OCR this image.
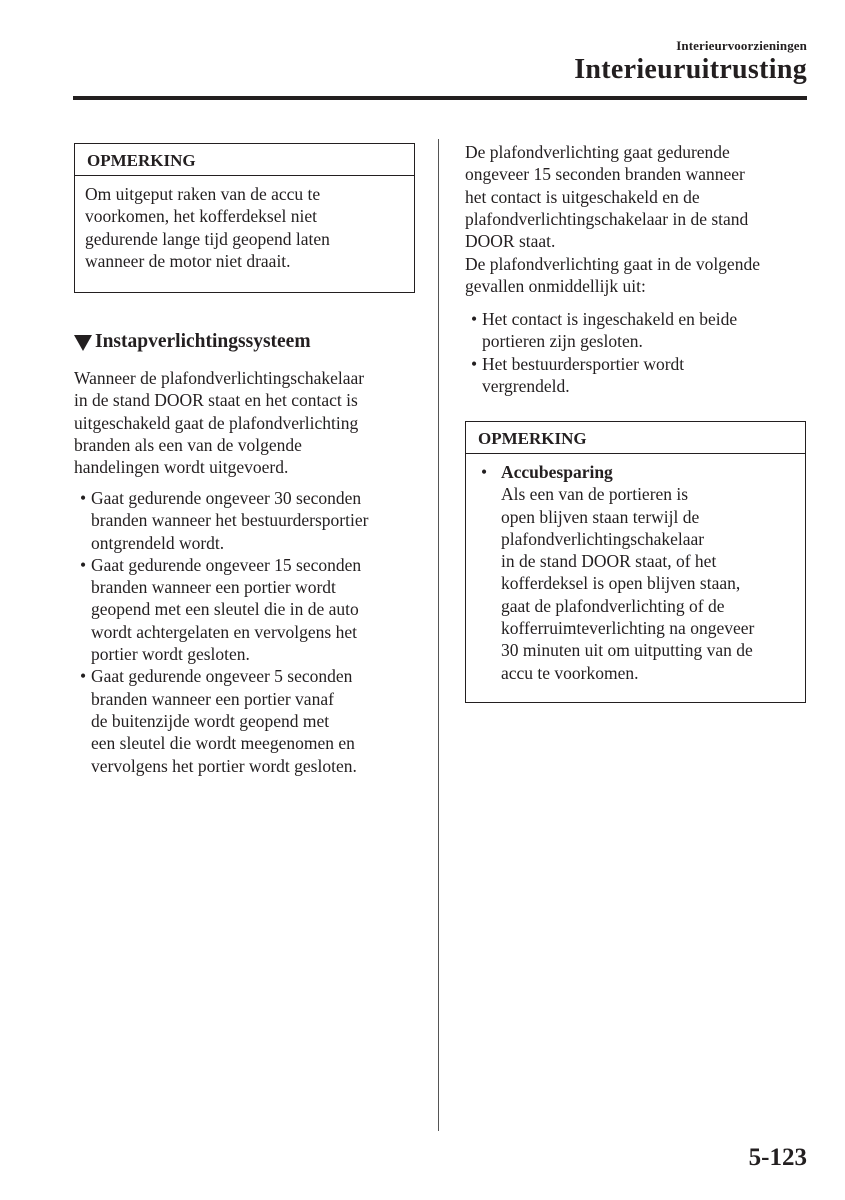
Interieurvoorzieningen
Interieuruitrusting
OPMERKING
Om uitgeput raken van de accu te
voorkomen, het kofferdeksel niet
gedurende lange tijd geopend laten
wanneer de motor niet draait.
Instapverlichtingssysteem
Wanneer de plafondverlichtingschakelaar
in de stand DOOR staat en het contact is
uitgeschakeld gaat de plafondverlichting
branden als een van de volgende
handelingen wordt uitgevoerd.
• Gaat gedurende ongeveer 30 seconden
branden wanneer het bestuurdersportier
ontgrendeld wordt.
• Gaat gedurende ongeveer 15 seconden
branden wanneer een portier wordt
geopend met een sleutel die in de auto
wordt achtergelaten en vervolgens het
portier wordt gesloten.
• Gaat gedurende ongeveer 5 seconden
branden wanneer een portier vanaf
de buitenzijde wordt geopend met
een sleutel die wordt meegenomen en
vervolgens het portier wordt gesloten.
De plafondverlichting gaat gedurende
ongeveer 15 seconden branden wanneer
het contact is uitgeschakeld en de
plafondverlichtingschakelaar in de stand
DOOR staat.
De plafondverlichting gaat in de volgende
gevallen onmiddellijk uit:
• Het contact is ingeschakeld en beide
portieren zijn gesloten.
• Het bestuurdersportier wordt
vergrendeld.
OPMERKING
• Accubesparing
Als een van de portieren is
open blijven staan terwijl de
plafondverlichtingschakelaar
in de stand DOOR staat, of het
kofferdeksel is open blijven staan,
gaat de plafondverlichting of de
kofferruimteverlichting na ongeveer
30 minuten uit om uitputting van de
accu te voorkomen.
5-123
